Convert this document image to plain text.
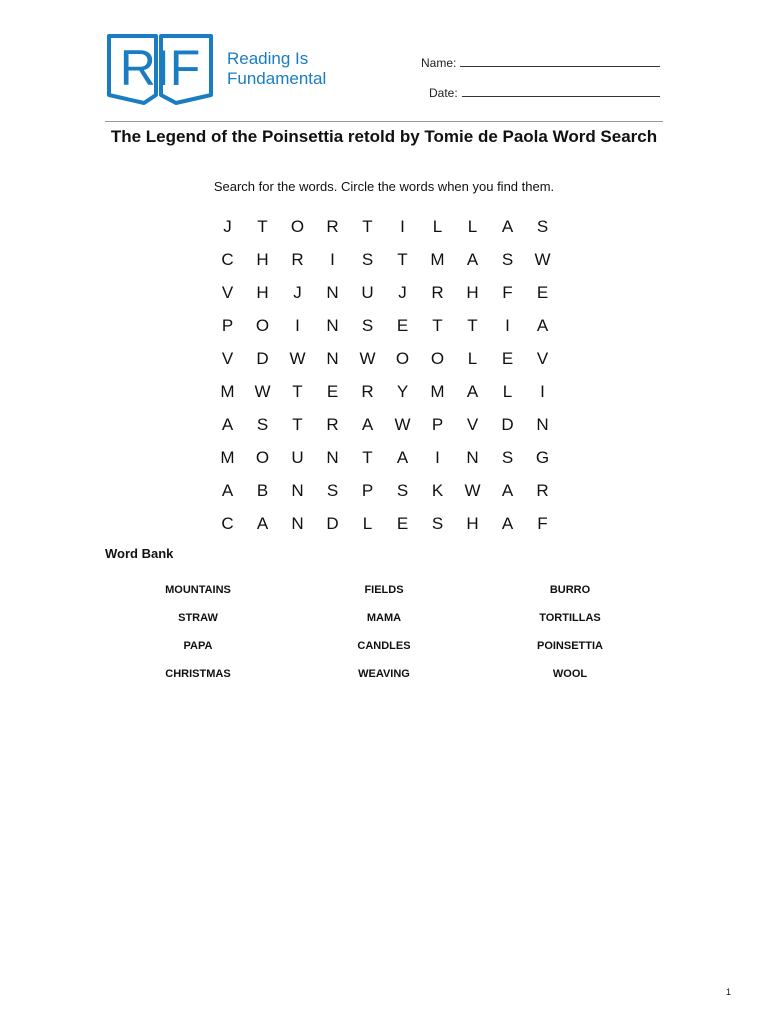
RIF Reading Is
Fundamental
Name:
Date:
The Legend of the Poinsettia retold by Tomie de Paola Word Search
Search for the words. Circle the words when you find them.
J	T	O	R	T	I	L	L	A	S
C	H	R	I	S	T	M	A	S	W
V	H	J	N	U	J	R	H	F	E
P	O	I	N	S	E	T	T	I	A
V	D	W	N	W	O	O	L	E	V
M	W	T	E	R	Y	M	A	L	I
A	S	T	R	A	W	P	V	D	N
M	O	U	N	T	A	I	N	S	G
A	B	N	S	P	S	K	W	A	R
C	A	N	D	L	E	S	H	A	F
Word Bank
MOUNTAINS	FIELDS	BURRO
STRAW	MAMA	TORTILLAS
PAPA	CANDLES	POINSETTIA
CHRISTMAS	WEAVING	WOOL
1
